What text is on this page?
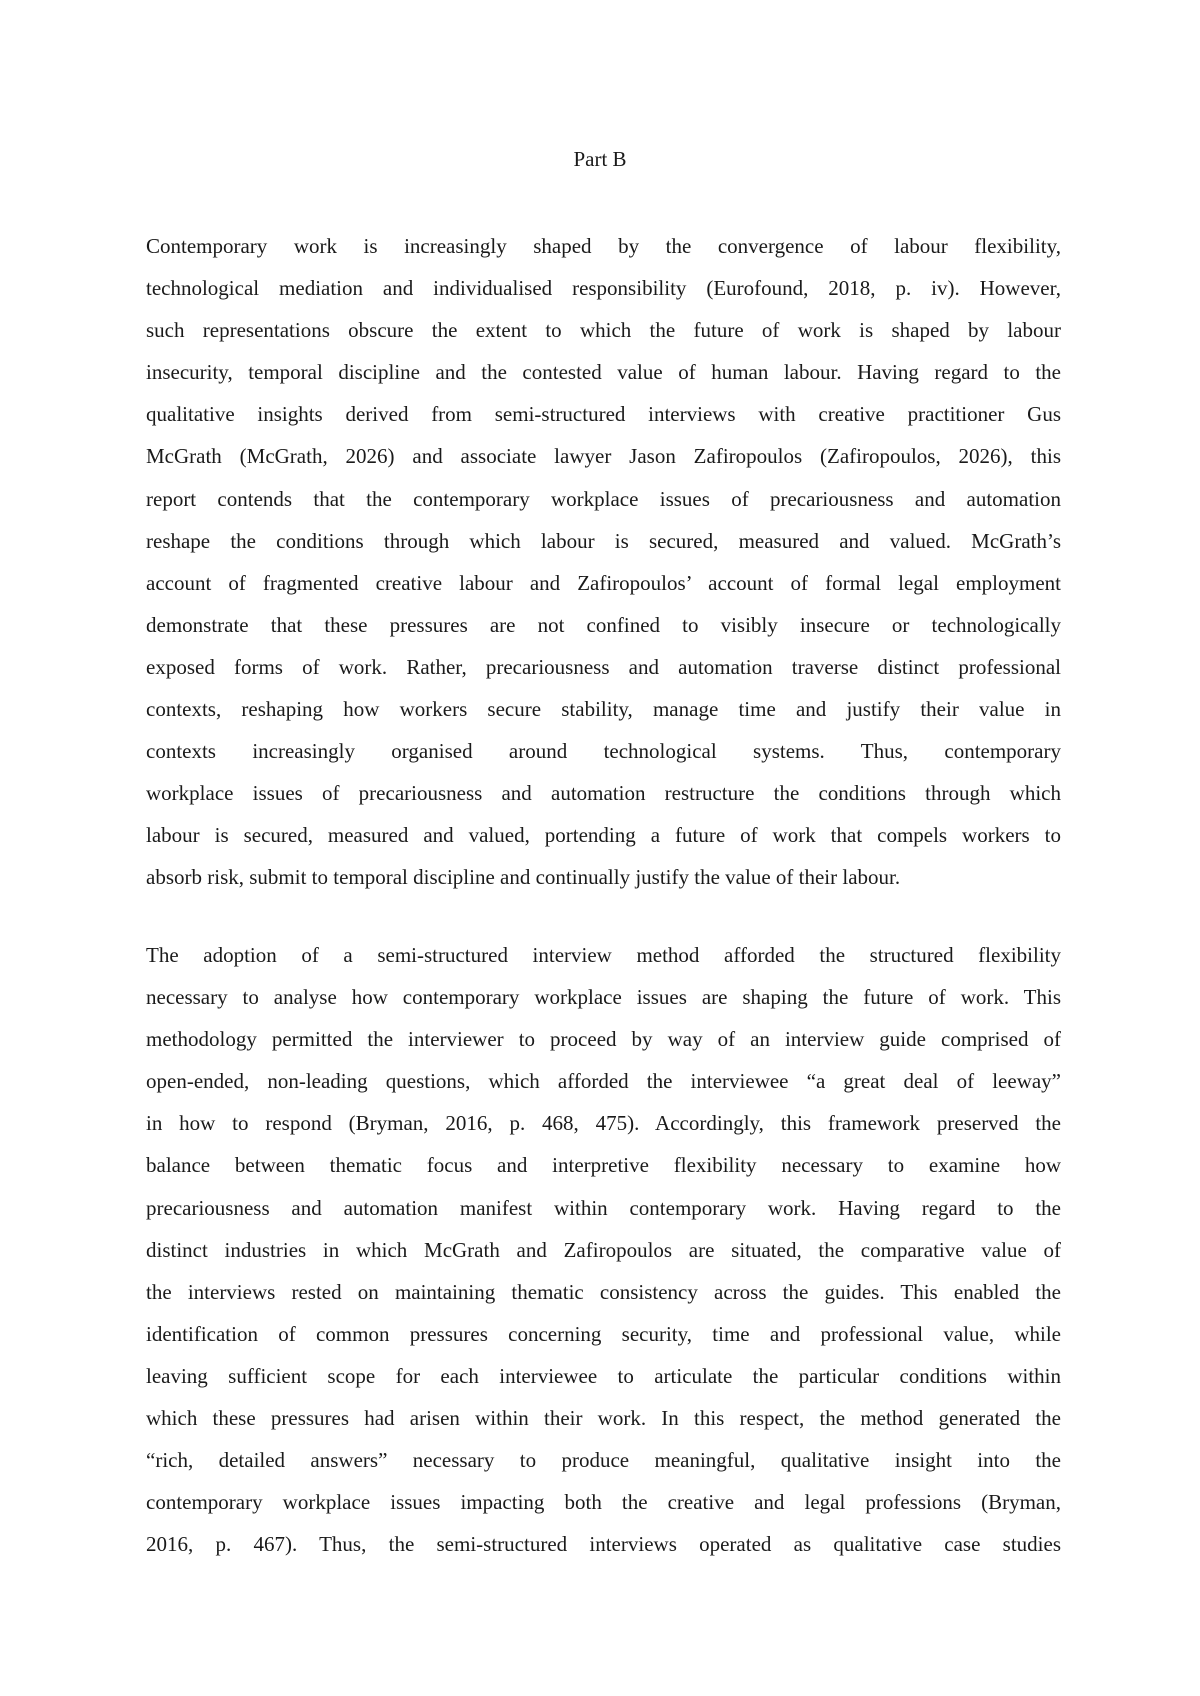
Part B
Contemporary work is increasingly shaped by the convergence of labour flexibility,
technological mediation and individualised responsibility (Eurofound, 2018, p. iv). However,
such representations obscure the extent to which the future of work is shaped by labour
insecurity, temporal discipline and the contested value of human labour. Having regard to the
qualitative insights derived from semi-structured interviews with creative practitioner Gus
McGrath (McGrath, 2026) and associate lawyer Jason Zafiropoulos (Zafiropoulos, 2026), this
report contends that the contemporary workplace issues of precariousness and automation
reshape the conditions through which labour is secured, measured and valued. McGrath’s
account of fragmented creative labour and Zafiropoulos’ account of formal legal employment
demonstrate that these pressures are not confined to visibly insecure or technologically
exposed forms of work. Rather, precariousness and automation traverse distinct professional
contexts, reshaping how workers secure stability, manage time and justify their value in
contexts increasingly organised around technological systems. Thus, contemporary
workplace issues of precariousness and automation restructure the conditions through which
labour is secured, measured and valued, portending a future of work that compels workers to
absorb risk, submit to temporal discipline and continually justify the value of their labour.
The adoption of a semi-structured interview method afforded the structured flexibility
necessary to analyse how contemporary workplace issues are shaping the future of work. This
methodology permitted the interviewer to proceed by way of an interview guide comprised of
open-ended, non-leading questions, which afforded the interviewee “a great deal of leeway”
in how to respond (Bryman, 2016, p. 468, 475). Accordingly, this framework preserved the
balance between thematic focus and interpretive flexibility necessary to examine how
precariousness and automation manifest within contemporary work. Having regard to the
distinct industries in which McGrath and Zafiropoulos are situated, the comparative value of
the interviews rested on maintaining thematic consistency across the guides. This enabled the
identification of common pressures concerning security, time and professional value, while
leaving sufficient scope for each interviewee to articulate the particular conditions within
which these pressures had arisen within their work. In this respect, the method generated the
“rich, detailed answers” necessary to produce meaningful, qualitative insight into the
contemporary workplace issues impacting both the creative and legal professions (Bryman,
2016, p. 467). Thus, the semi-structured interviews operated as qualitative case studies
